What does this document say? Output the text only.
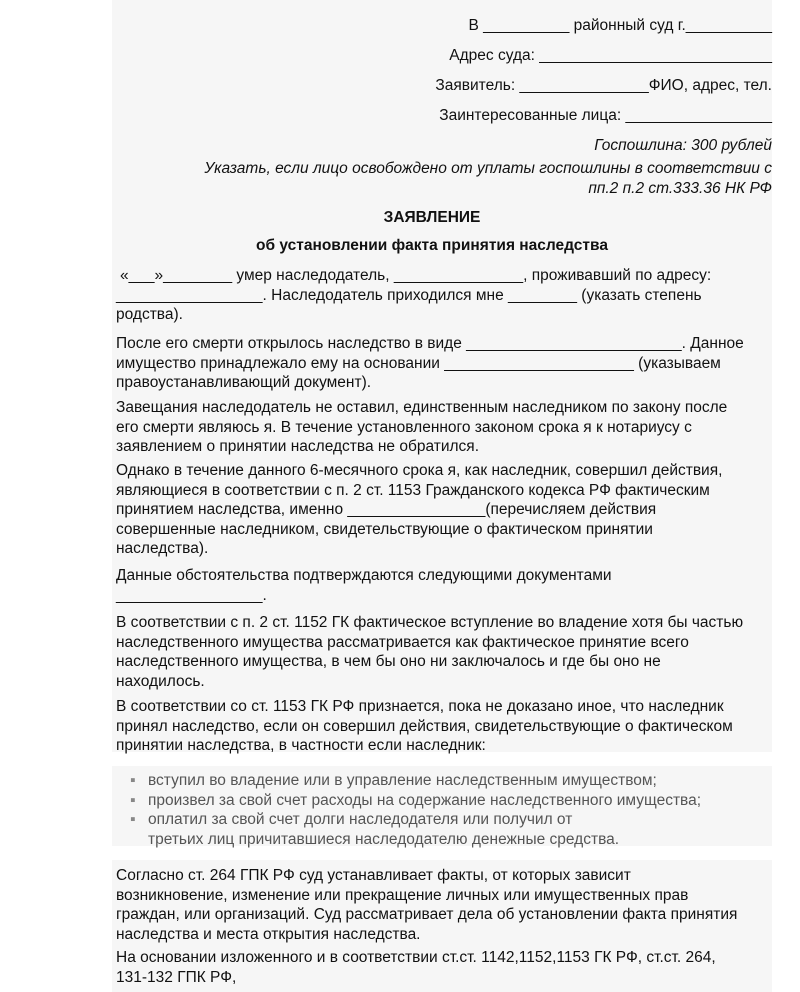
В __________ районный суд г.__________
Адрес суда: ___________________________
Заявитель: _______________ФИО, адрес, тел.
Заинтересованные лица: _________________
Госпошлина: 300 рублей
Указать, если лицо освобождено от уплаты госпошлины в соответствии с
пп.2 п.2 ст.333.36 НК РФ
ЗАЯВЛЕНИЕ
об установлении факта принятия наследства
«___»________ умер наследодатель, _______________, проживавший по адресу: _________________. Наследодатель приходился мне ________ (указать степень родства).
После его смерти открылось наследство в виде _________________________. Данное имущество принадлежало ему на основании ______________________ (указываем правоустанавливающий документ).
Завещания наследодатель не оставил, единственным наследником по закону после его смерти являюсь я. В течение установленного законом срока я к нотариусу с заявлением о принятии наследства не обратился.
Однако в течение данного 6-месячного срока я, как наследник, совершил действия, являющиеся в соответствии с п. 2 ст. 1153 Гражданского кодекса РФ фактическим принятием наследства, именно ________________(перечисляем действия совершенные наследником, свидетельствующие о фактическом принятии наследства).
Данные обстоятельства подтверждаются следующими документами _________________.
В соответствии с п. 2 ст. 1152 ГК фактическое вступление во владение хотя бы частью наследственного имущества рассматривается как фактическое принятие всего наследственного имущества, в чем бы оно ни заключалось и где бы оно не находилось.
В соответствии со ст. 1153 ГК РФ признается, пока не доказано иное, что наследник принял наследство, если он совершил действия, свидетельствующие о фактическом принятии наследства, в частности если наследник:
▪ вступил во владение или в управление наследственным имуществом;
▪ произвел за свой счет расходы на содержание наследственного имущества;
▪ оплатил за свой счет долги наследодателя или получил от третьих лиц причитавшиеся наследодателю денежные средства.
Согласно ст. 264 ГПК РФ суд устанавливает факты, от которых зависит возникновение, изменение или прекращение личных или имущественных прав граждан, или организаций. Суд рассматривает дела об установлении факта принятия наследства и места открытия наследства.
На основании изложенного и в соответствии ст.ст. 1142,1152,1153 ГК РФ, ст.ст. 264, 131-132 ГПК РФ,
